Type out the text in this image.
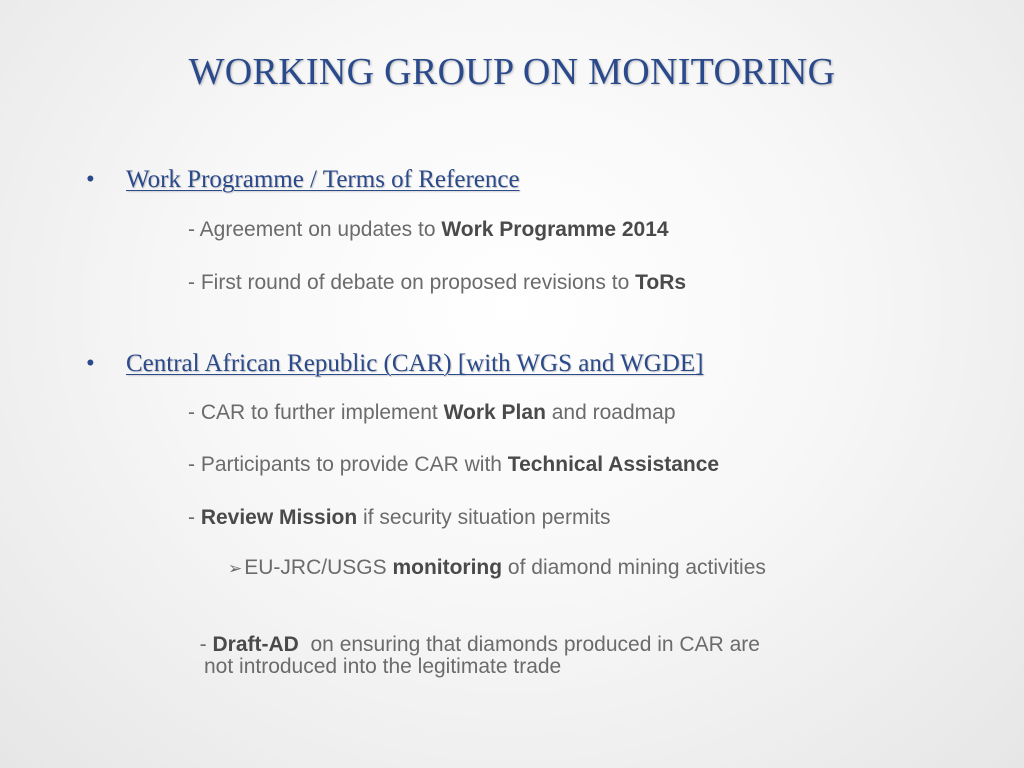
WORKING GROUP ON MONITORING
• Work Programme / Terms of Reference
- Agreement on updates to Work Programme 2014
- First round of debate on proposed revisions to ToRs
• Central African Republic (CAR) [with WGS and WGDE]
- CAR to further implement Work Plan and roadmap
- Participants to provide CAR with Technical Assistance
- Review Mission if security situation permits
➢EU-JRC/USGS monitoring of diamond mining activities

- Draft-AD  on ensuring that diamonds produced in CAR are

not introduced into the legitimate trade
